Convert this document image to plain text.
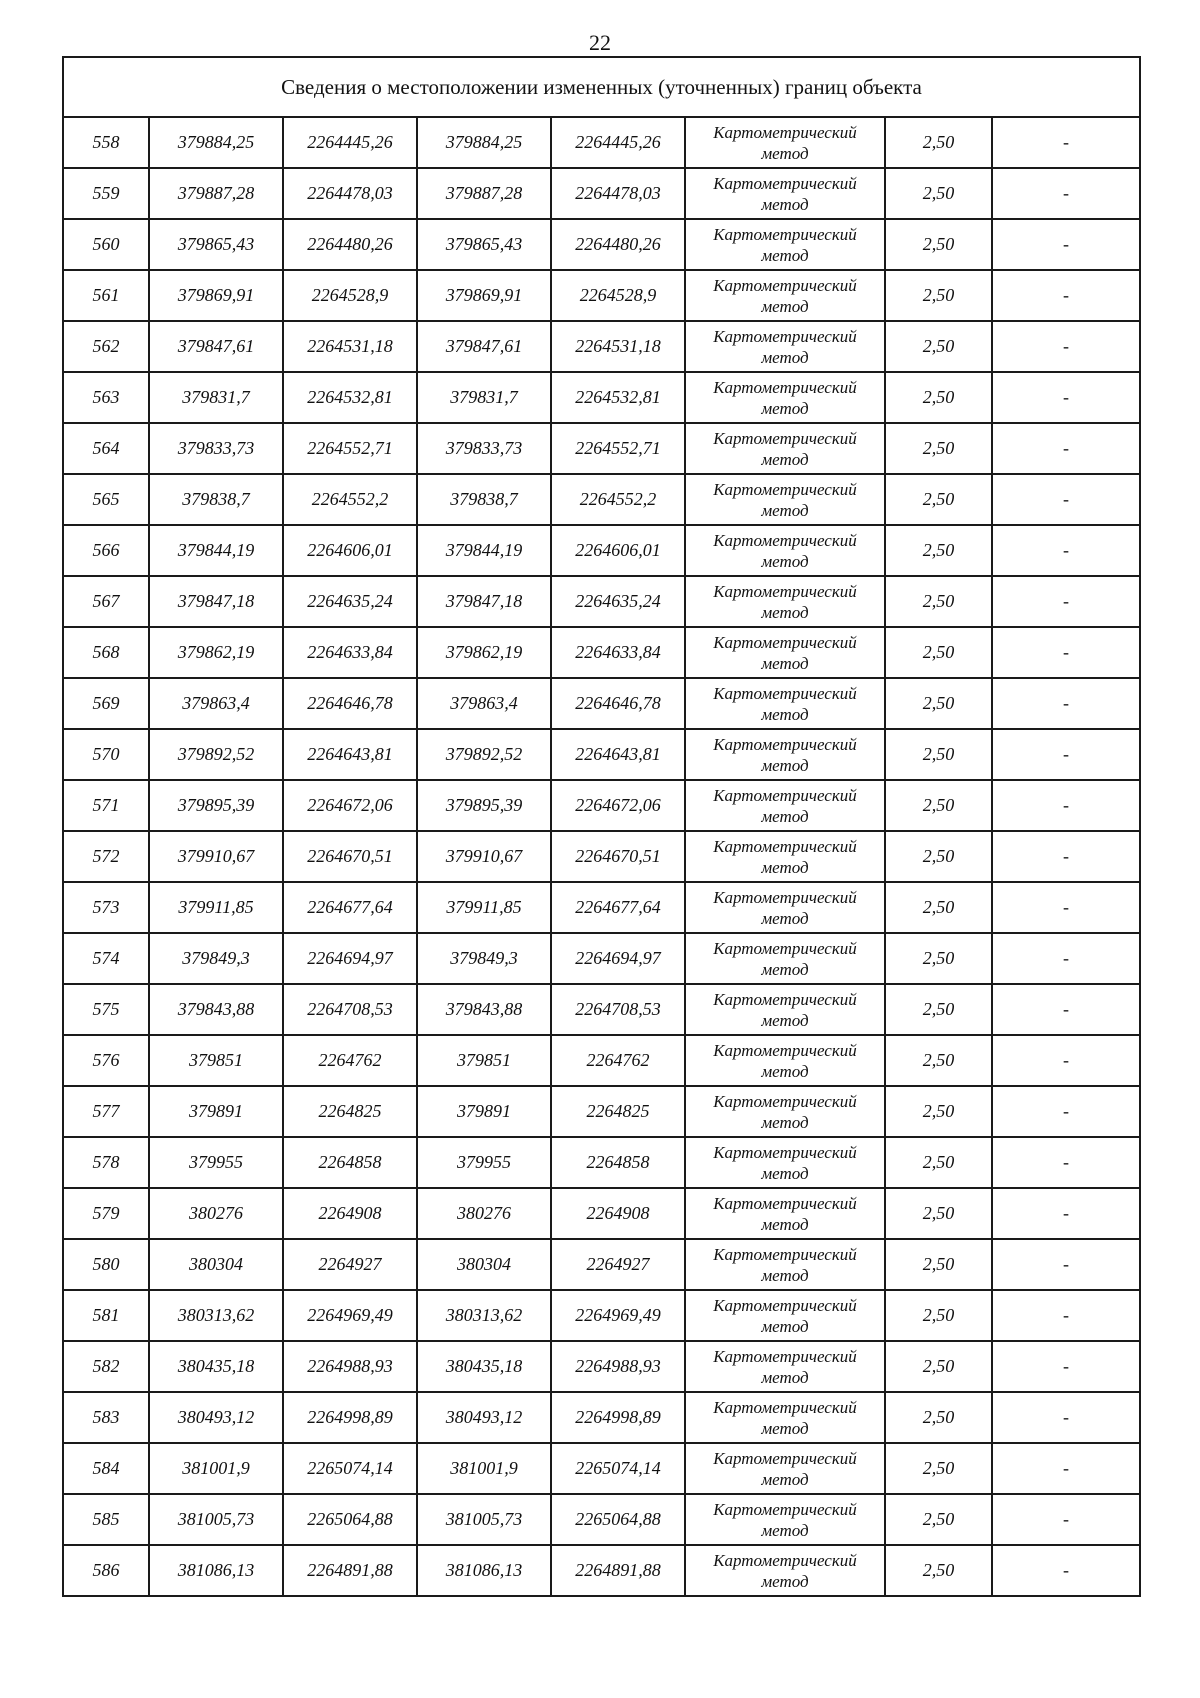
22
Сведения о местоположении измененных (уточненных) границ объекта							
558	379884,25	2264445,26	379884,25	2264445,26	Картометрический
метод	2,50	-
559	379887,28	2264478,03	379887,28	2264478,03	Картометрический
метод	2,50	-
560	379865,43	2264480,26	379865,43	2264480,26	Картометрический
метод	2,50	-
561	379869,91	2264528,9	379869,91	2264528,9	Картометрический
метод	2,50	-
562	379847,61	2264531,18	379847,61	2264531,18	Картометрический
метод	2,50	-
563	379831,7	2264532,81	379831,7	2264532,81	Картометрический
метод	2,50	-
564	379833,73	2264552,71	379833,73	2264552,71	Картометрический
метод	2,50	-
565	379838,7	2264552,2	379838,7	2264552,2	Картометрический
метод	2,50	-
566	379844,19	2264606,01	379844,19	2264606,01	Картометрический
метод	2,50	-
567	379847,18	2264635,24	379847,18	2264635,24	Картометрический
метод	2,50	-
568	379862,19	2264633,84	379862,19	2264633,84	Картометрический
метод	2,50	-
569	379863,4	2264646,78	379863,4	2264646,78	Картометрический
метод	2,50	-
570	379892,52	2264643,81	379892,52	2264643,81	Картометрический
метод	2,50	-
571	379895,39	2264672,06	379895,39	2264672,06	Картометрический
метод	2,50	-
572	379910,67	2264670,51	379910,67	2264670,51	Картометрический
метод	2,50	-
573	379911,85	2264677,64	379911,85	2264677,64	Картометрический
метод	2,50	-
574	379849,3	2264694,97	379849,3	2264694,97	Картометрический
метод	2,50	-
575	379843,88	2264708,53	379843,88	2264708,53	Картометрический
метод	2,50	-
576	379851	2264762	379851	2264762	Картометрический
метод	2,50	-
577	379891	2264825	379891	2264825	Картометрический
метод	2,50	-
578	379955	2264858	379955	2264858	Картометрический
метод	2,50	-
579	380276	2264908	380276	2264908	Картометрический
метод	2,50	-
580	380304	2264927	380304	2264927	Картометрический
метод	2,50	-
581	380313,62	2264969,49	380313,62	2264969,49	Картометрический
метод	2,50	-
582	380435,18	2264988,93	380435,18	2264988,93	Картометрический
метод	2,50	-
583	380493,12	2264998,89	380493,12	2264998,89	Картометрический
метод	2,50	-
584	381001,9	2265074,14	381001,9	2265074,14	Картометрический
метод	2,50	-
585	381005,73	2265064,88	381005,73	2265064,88	Картометрический
метод	2,50	-
586	381086,13	2264891,88	381086,13	2264891,88	Картометрический
метод	2,50	-
